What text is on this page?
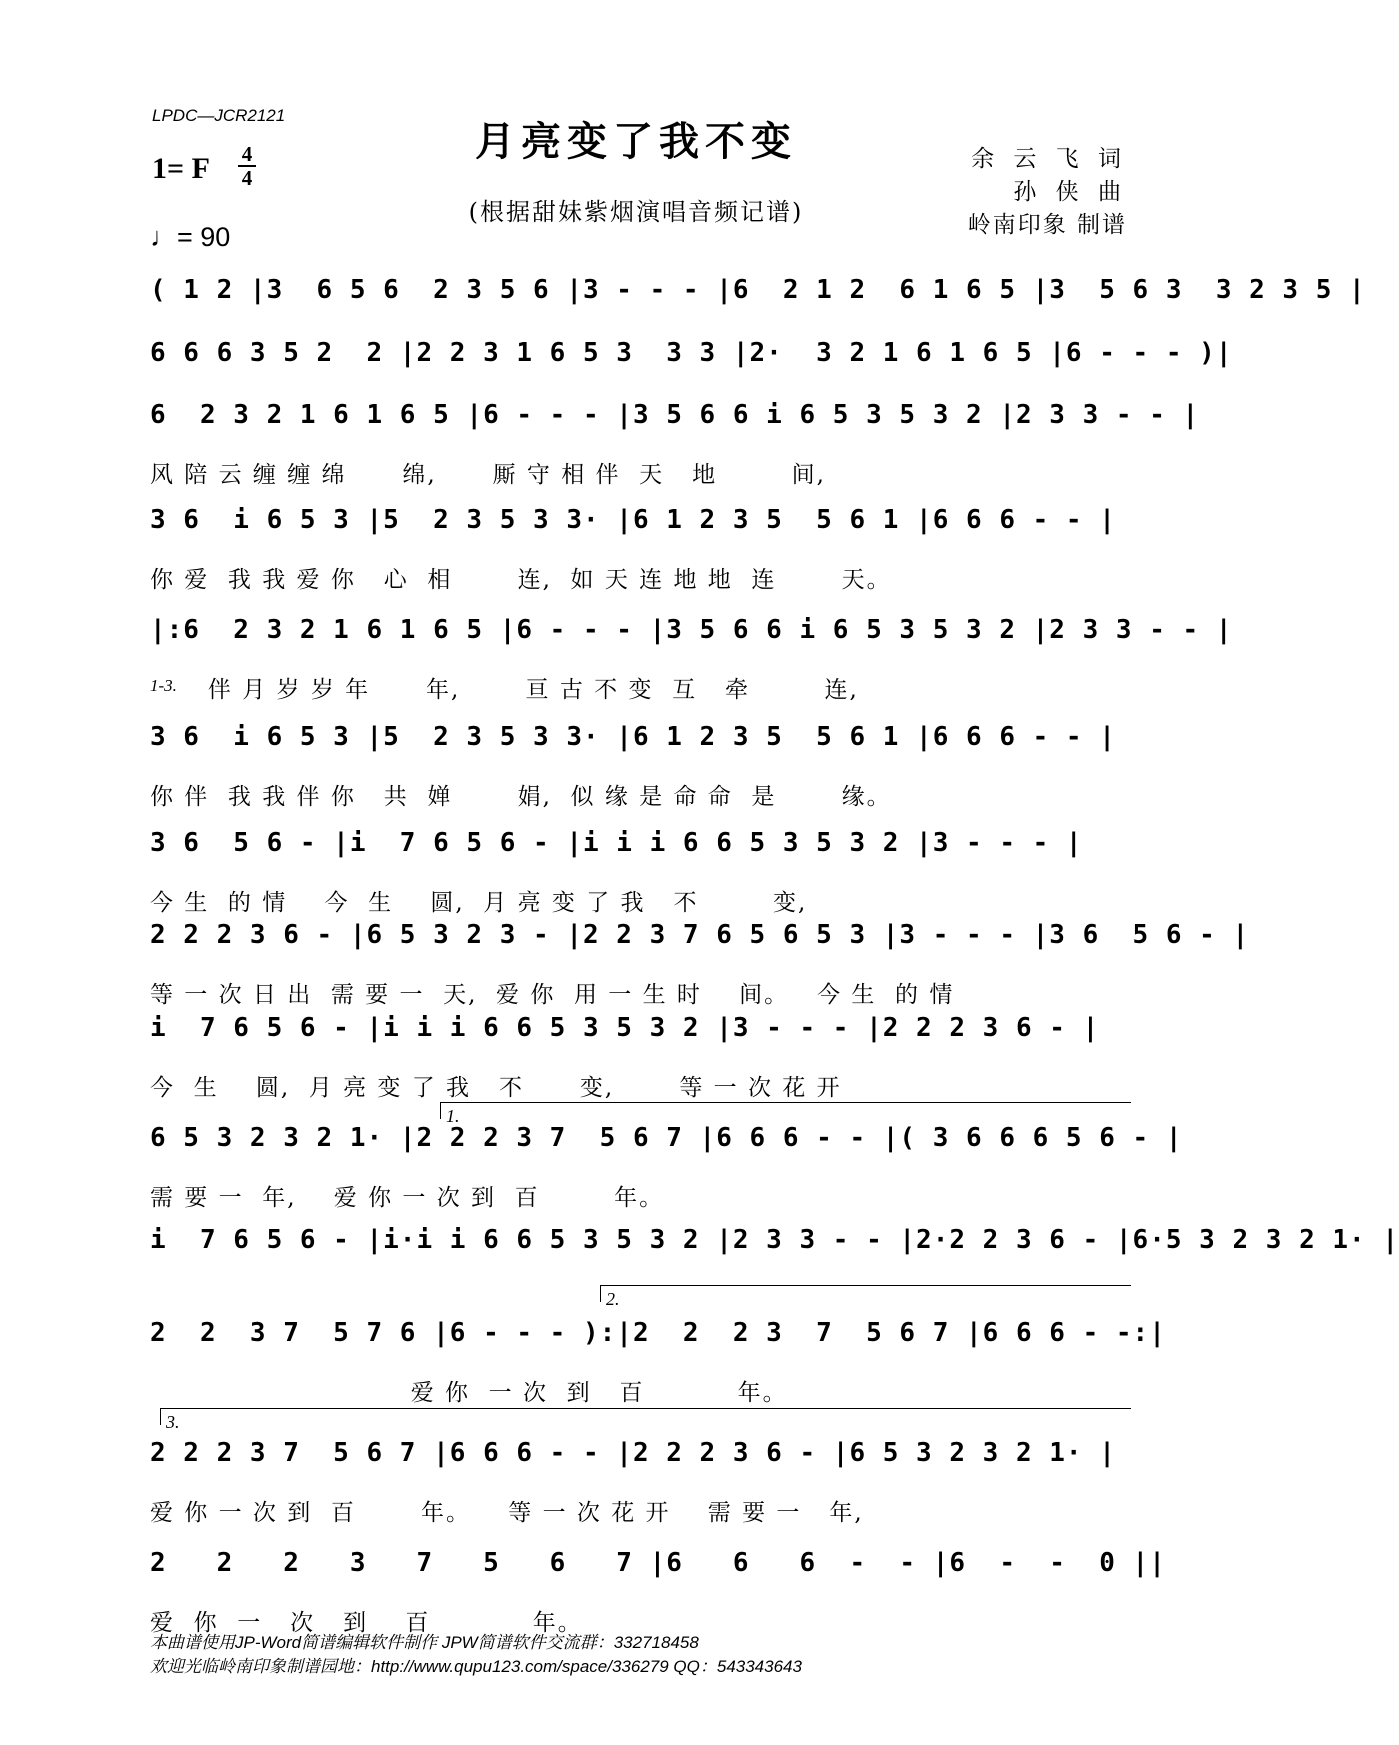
LPDC—JCR2121
月亮变了我不变
(根据甜妹紫烟演唱音频记谱)
1= F 4
4
♩= 90
余 云 飞 词
孙 侠 曲
岭南印象 制谱
( 1 2 |3  6 5 6  2 3 5 6 |3 - - - |6  2 1 2  6 1 6 5 |3  5 6 3  3 2 3 5 |
6 6 6 3 5 2  2 |2 2 3 1 6 5 3  3 3 |2·  3 2 1 6 1 6 5 |6 - - - )|
6  2 3 2 1 6 1 6 5 |6 - - - |3 5 6 6 i 6 5 3 5 3 2 |2 3 3 - - |
风 陪 云 缠 缠 绵      绵,      厮 守 相 伴  天   地        间,
3 6  i 6 5 3 |5  2 3 5 3 3· |6 1 2 3 5  5 6 1 |6 6 6 - - |
你 爱  我 我 爱 你   心  相       连,  如 天 连 地 地  连       天。
|:6  2 3 2 1 6 1 6 5 |6 - - - |3 5 6 6 i 6 5 3 5 3 2 |2 3 3 - - |
伴 月 岁 岁 年      年,       亘 古 不 变  互   牵        连,
3 6  i 6 5 3 |5  2 3 5 3 3· |6 1 2 3 5  5 6 1 |6 6 6 - - |
你 伴  我 我 伴 你   共  婵       娟,  似 缘 是 命 命  是       缘。
3 6  5 6 - |i  7 6 5 6 - |i i i 6 6 5 3 5 3 2 |3 - - - |
今 生  的 情    今  生    圆,  月 亮 变 了 我   不        变,
2 2 2 3 6 - |6 5 3 2 3 - |2 2 3 7 6 5 6 5 3 |3 - - - |3 6  5 6 - |
等 一 次 日 出  需 要 一  天,  爱 你  用 一 生 时    间。   今 生  的 情
i  7 6 5 6 - |i i i 6 6 5 3 5 3 2 |3 - - - |2 2 2 3 6 - |
今  生    圆,  月 亮 变 了 我   不      变,       等 一 次 花 开
6 5 3 2 3 2 1· |2 2 2 3 7  5 6 7 |6 6 6 - - |( 3 6 6 6 5 6 - |
需 要 一  年,    爱 你 一 次 到  百        年。
i  7 6 5 6 - |i·i i 6 6 5 3 5 3 2 |2 3 3 - - |2·2 2 3 6 - |6·5 3 2 3 2 1· |
2  2  3 7  5 7 6 |6 - - - ):|2  2  2 3  7  5 6 7 |6 6 6 - -:|
爱 你  一 次  到   百          年。
2 2 2 3 7  5 6 7 |6 6 6 - - |2 2 2 3 6 - |6 5 3 2 3 2 1· |
爱 你 一 次 到  百       年。    等 一 次 花 开    需 要 一   年,
2   2   2   3   7   5   6   7 |6   6   6  -  - |6  -  -  0 ||
爱  你  一   次   到    百           年。
1.
2.
3.
1-3.
本曲谱使用JP-Word简谱编辑软件制作 JPW简谱软件交流群：332718458
欢迎光临岭南印象制谱园地：http://www.qupu123.com/space/336279 QQ：543343643
